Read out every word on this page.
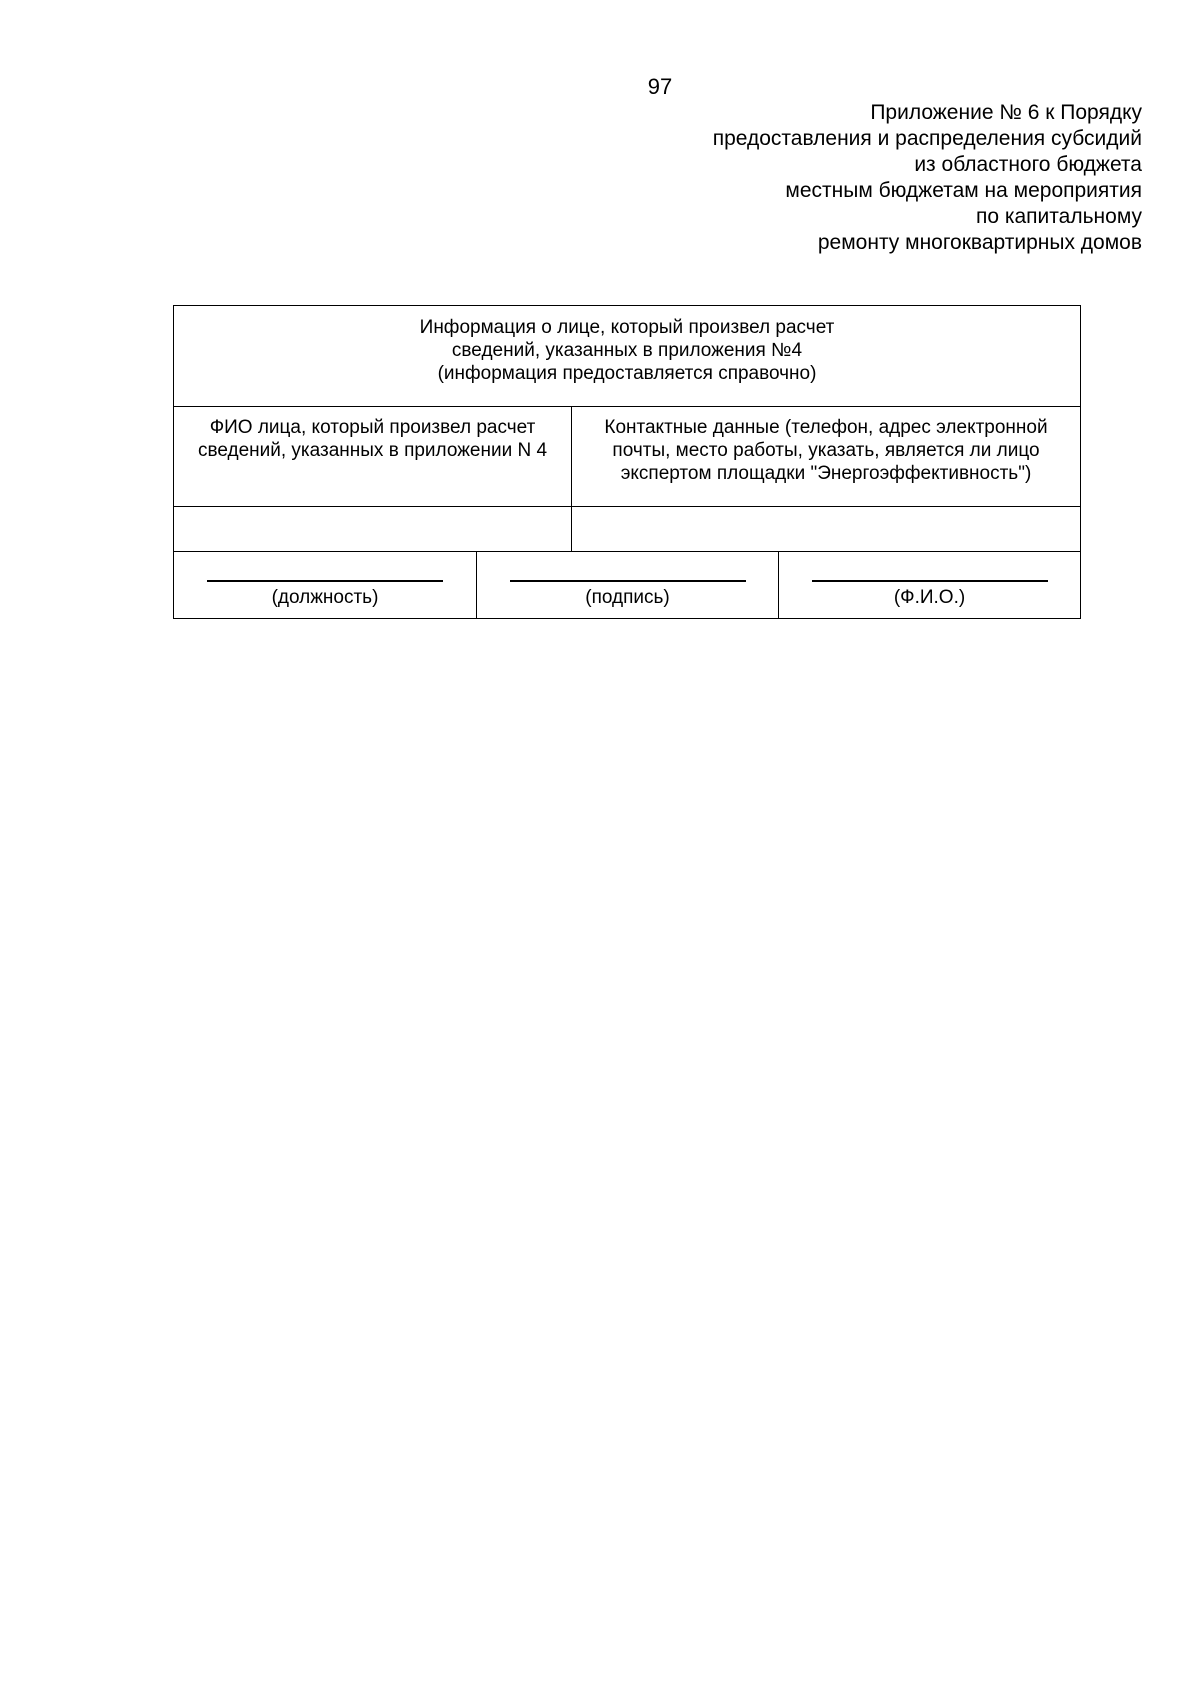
97
Приложение № 6 к Порядку
предоставления и распределения субсидий
из областного бюджета
местным бюджетам на мероприятия
по капитальному
ремонту многоквартирных домов
Информация о лице, который произвел расчет
сведений, указанных в приложения №4
(информация предоставляется справочно)			

ФИО лица, который произвел расчет сведений, указанных в приложении N 4		Контактные данные (телефон, адрес электронной почты, место работы, указать, является ли лицо экспертом площадки "Энергоэффективность")	

(должность)	(подпись)		(Ф.И.О.)
